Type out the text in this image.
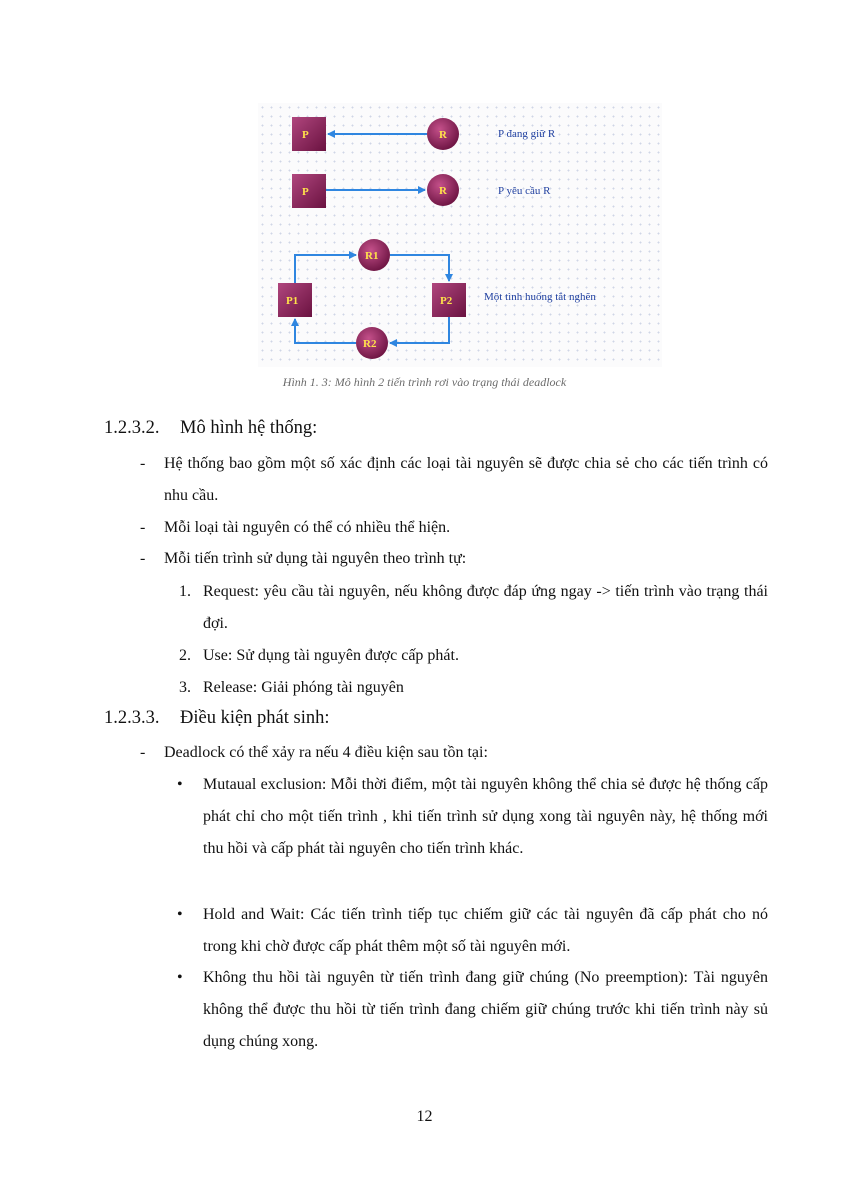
P	R	P đang giữ R
P	R	P yêu cầu R
R1
R2
P1	P2	Một tình huống tắt nghẽn
Hình 1. 3: Mô hình 2 tiến trình rơi vào trạng thái deadlock
1.2.3.2. Mô hình hệ thống:
- Hệ thống bao gồm một số xác định các loại tài nguyên sẽ được chia sẻ cho các tiến trình có nhu cầu.
- Mỗi loại tài nguyên có thể có nhiều thể hiện.
- Mỗi tiến trình sử dụng tài nguyên theo trình tự:
1. Request: yêu cầu tài nguyên, nếu không được đáp ứng ngay -> tiến trình vào trạng thái đợi.
2. Use: Sử dụng tài nguyên được cấp phát.
3. Release: Giải phóng tài nguyên
1.2.3.3. Điều kiện phát sinh:
- Deadlock có thể xảy ra nếu 4 điều kiện sau tồn tại:
• Mutaual exclusion: Mỗi thời điểm, một tài nguyên không thể chia sẻ được hệ thống cấp phát chỉ cho một tiến trình , khi tiến trình sử dụng xong tài nguyên này, hệ thống mới thu hồi và cấp phát tài nguyên cho tiến trình khác.
• Hold and Wait: Các tiến trình tiếp tục chiếm giữ các tài nguyên đã cấp phát cho nó trong khi chờ được cấp phát thêm một số tài nguyên mới.
• Không thu hồi tài nguyên từ tiến trình đang giữ chúng (No preemption): Tài nguyên không thể được thu hồi từ tiến trình đang chiếm giữ chúng trước khi tiến trình này sủ dụng chúng xong.
12
